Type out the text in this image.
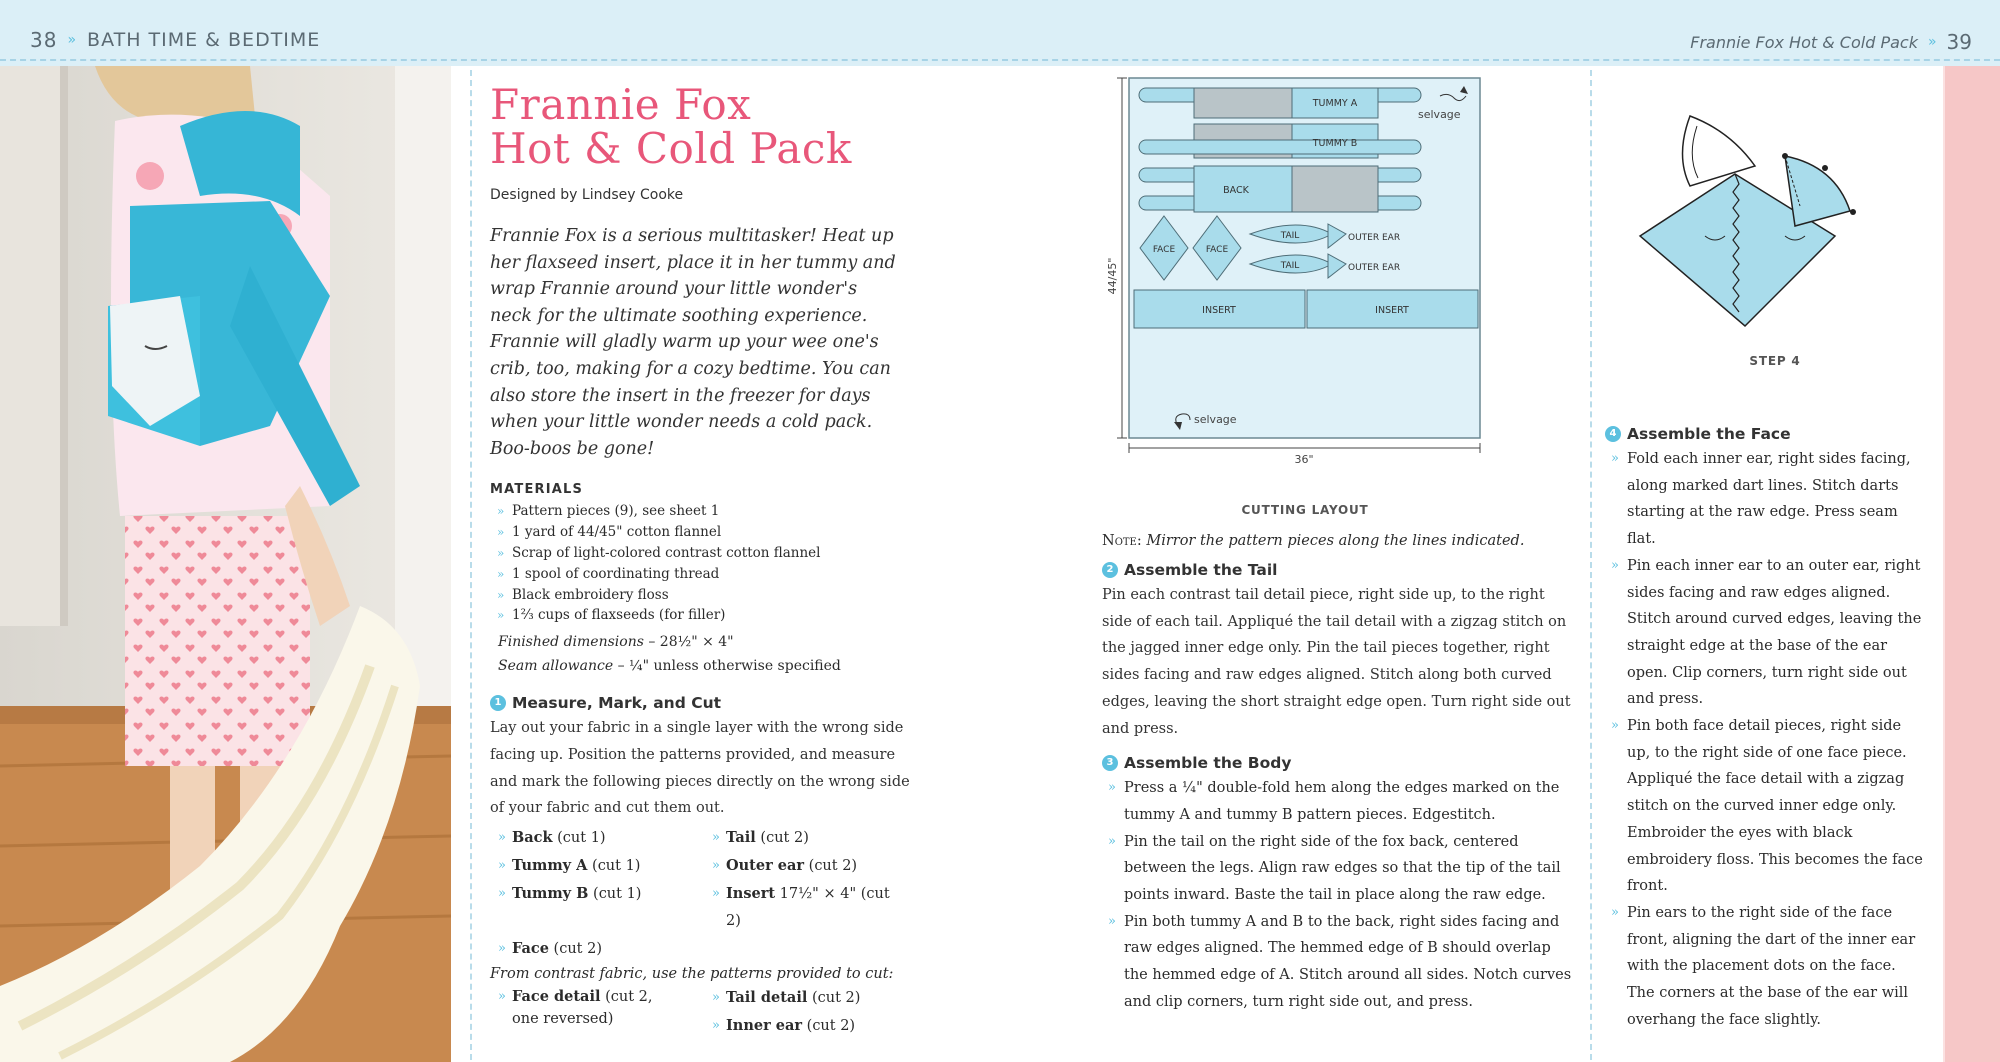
38 » BATH TIME & BEDTIME	Frannie Fox Hot & Cold Pack » 39
Frannie Fox
Hot & Cold Pack
Designed by Lindsey Cooke
Frannie Fox is a serious multitasker! Heat up her flaxseed insert, place it in her tummy and wrap Frannie around your little wonder's neck for the ultimate soothing experience. Frannie will gladly warm up your wee one's crib, too, making for a cozy bedtime. You can also store the insert in the freezer for days when your little wonder needs a cold pack. Boo-boos be gone!
MATERIALS
» Pattern pieces (9), see sheet 1
» 1 yard of 44/45" cotton flannel
» Scrap of light-colored contrast cotton flannel
» 1 spool of coordinating thread
» Black embroidery floss
» 1⅔ cups of flaxseeds (for filler)
Finished dimensions – 28½" × 4"
Seam allowance – ¼" unless otherwise specified
1 Measure, Mark, and Cut
Lay out your fabric in a single layer with the wrong side facing up. Position the patterns provided, and measure and mark the following pieces directly on the wrong side of your fabric and cut them out.
» Back (cut 1)	» Tail (cut 2)
» Tummy A (cut 1)	» Outer ear (cut 2)
» Tummy B (cut 1)	» Insert 17½" × 4" (cut 2)
» Face (cut 2)
From contrast fabric, use the patterns provided to cut:
» Face detail (cut 2,
one reversed)
» Tail detail (cut 2)
» Inner ear (cut 2)
44/45"
36"
TUMMY A
TUMMY B
BACK
FACE	FACE
TAIL
TAIL
OUTER EAR
OUTER EAR
INSERT	INSERT
selvage
selvage
CUTTING LAYOUT
Note: Mirror the pattern pieces along the lines indicated.
2 Assemble the Tail
Pin each contrast tail detail piece, right side up, to the right side of each tail. Appliqué the tail detail with a zigzag stitch on the jagged inner edge only. Pin the tail pieces together, right sides facing and raw edges aligned. Stitch along both curved edges, leaving the short straight edge open. Turn right side out and press.
3 Assemble the Body
» Press a ¼" double-fold hem along the edges marked on the tummy A and tummy B pattern pieces. Edgestitch.
» Pin the tail on the right side of the fox back, centered between the legs. Align raw edges so that the tip of the tail points inward. Baste the tail in place along the raw edge.
» Pin both tummy A and B to the back, right sides facing and raw edges aligned. The hemmed edge of B should overlap the hemmed edge of A. Stitch around all sides. Notch curves and clip corners, turn right side out, and press.
STEP 4
4 Assemble the Face
» Fold each inner ear, right sides facing, along marked dart lines. Stitch darts starting at the raw edge. Press seam flat.
» Pin each inner ear to an outer ear, right sides facing and raw edges aligned. Stitch around curved edges, leaving the straight edge at the base of the ear open. Clip corners, turn right side out and press.
» Pin both face detail pieces, right side up, to the right side of one face piece. Appliqué the face detail with a zigzag stitch on the curved inner edge only. Embroider the eyes with black embroidery floss. This becomes the face front.
» Pin ears to the right side of the face front, aligning the dart of the inner ear with the placement dots on the face. The corners at the base of the ear will overhang the face slightly.
